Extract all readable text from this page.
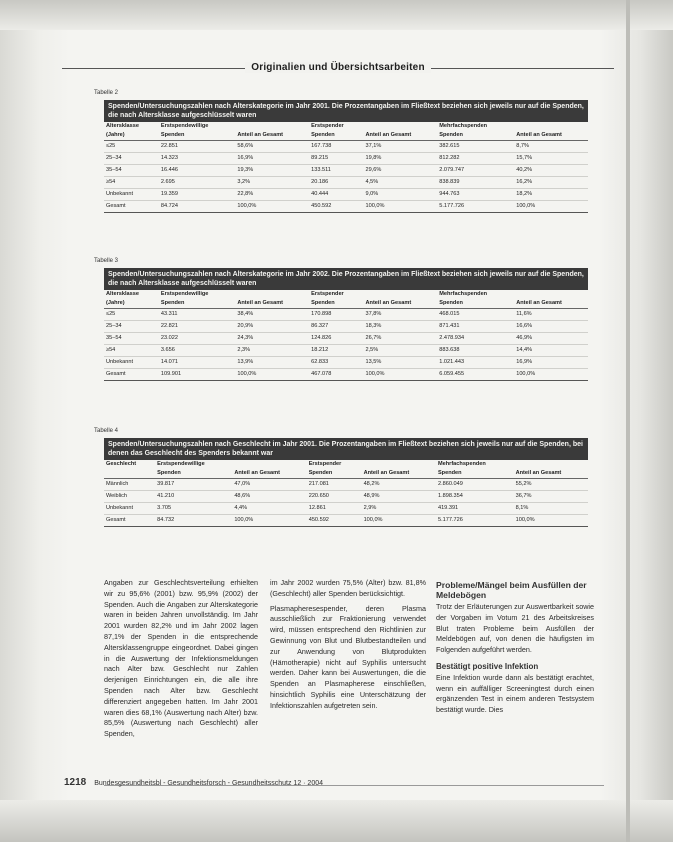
Originalien und Übersichtsarbeiten
Tabelle 2
Spenden/Untersuchungszahlen nach Alterskategorie im Jahr 2001. Die Prozentangaben im Fließtext beziehen sich jeweils nur auf die Spenden, die nach Altersklasse aufgeschlüsselt waren
Altersklasse	Erstspendewillige		Erstspender		Mehrfachspenden	
(Jahre)	Spenden	Anteil an Gesamt	Spenden	Anteil an Gesamt	Spenden	Anteil an Gesamt
≤25	22.851	58,6%	167.738	37,1%	382.615	8,7%
25–34	14.323	16,9%	89.215	19,8%	812.282	15,7%
35–54	16.446	19,3%	133.511	29,6%	2.079.747	40,2%
≥54	2.695	3,2%	20.186	4,5%	838.839	16,2%
Unbekannt	19.359	22,8%	40.444	9,0%	944.763	18,2%
Gesamt	84.724	100,0%	450.592	100,0%	5.177.726	100,0%
Tabelle 3
Spenden/Untersuchungszahlen nach Alterskategorie im Jahr 2002. Die Prozentangaben im Fließtext beziehen sich jeweils nur auf die Spenden, die nach Altersklasse aufgeschlüsselt waren
Altersklasse	Erstspendewillige		Erstspender		Mehrfachspenden	
(Jahre)	Spenden	Anteil an Gesamt	Spenden	Anteil an Gesamt	Spenden	Anteil an Gesamt
≤25	43.311	38,4%	170.898	37,8%	468.015	11,6%
25–34	22.821	20,9%	86.327	18,3%	871.431	16,6%
35–54	23.022	24,3%	124.826	26,7%	2.478.934	46,9%
≥54	3.656	2,3%	18.212	2,5%	883.638	14,4%
Unbekannt	14.071	13,9%	62.833	13,5%	1.021.443	16,9%
Gesamt	109.901	100,0%	467.078	100,0%	6.059.455	100,0%
Tabelle 4
Spenden/Untersuchungszahlen nach Geschlecht im Jahr 2001. Die Prozentangaben im Fließtext beziehen sich jeweils nur auf die Spenden, bei denen das Geschlecht des Spenders bekannt war
Geschlecht	Erstspendewillige		Erstspender		Mehrfachspenden	
	Spenden	Anteil an Gesamt	Spenden	Anteil an Gesamt	Spenden	Anteil an Gesamt
Männlich	39.817	47,0%	217.081	48,2%	2.860.049	55,2%
Weiblich	41.210	48,6%	220.650	48,9%	1.898.354	36,7%
Unbekannt	3.705	4,4%	12.861	2,9%	419.391	8,1%
Gesamt	84.732	100,0%	450.592	100,0%	5.177.726	100,0%

Angaben zur Geschlechtsverteilung erhielten wir zu 95,6% (2001) bzw. 95,9% (2002) der Spenden. Auch die Angaben zur Alterskategorie waren in beiden Jahren unvollständig. Im Jahr 2001 wurden 82,2% und im Jahr 2002 lagen 87,1% der Spenden in die entsprechende Altersklassengruppe eingeordnet. Dabei gingen in die Auswertung der Infektionsmeldungen nach Alter bzw. Geschlecht nur Zahlen derjenigen Einrichtungen ein, die alle ihre Spenden nach Alter bzw. Geschlecht differenziert angegeben hatten. Im Jahr 2001 waren dies 68,1% (Auswertung nach Alter) bzw. 85,5% (Auswertung nach Geschlecht) aller Spenden,

im Jahr 2002 wurden 75,5% (Alter) bzw. 81,8% (Geschlecht) aller Spenden berücksichtigt.

Plasmapheresespender, deren Plasma ausschließlich zur Fraktionierung verwendet wird, müssen entsprechend den Richtlinien zur Gewinnung von Blut und Blutbestandteilen und zur Anwendung von Blutprodukten (Hämotherapie) nicht auf Syphilis untersucht werden. Daher kann bei Auswertungen, die die Spenden an Plasmapherese einschließen, hinsichtlich Syphilis eine Unterschätzung der Infektionszahlen aufgetreten sein.

Probleme/Mängel beim Ausfüllen der Meldebögen

Trotz der Erläuterungen zur Auswertbarkeit sowie der Vorgaben im Votum 21 des Arbeitskreises Blut traten Probleme beim Ausfüllen der Meldebögen auf, von denen die häufigsten im Folgenden aufgeführt werden.

Bestätigt positive Infektion

Eine Infektion wurde dann als bestätigt erachtet, wenn ein auffälliger Screeningtest durch einen ergänzenden Test in einem anderen Testsystem bestätigt wurde. Dies

1218 Bundesgesundheitsbl - Gesundheitsforsch - Gesundheitsschutz 12 · 2004
